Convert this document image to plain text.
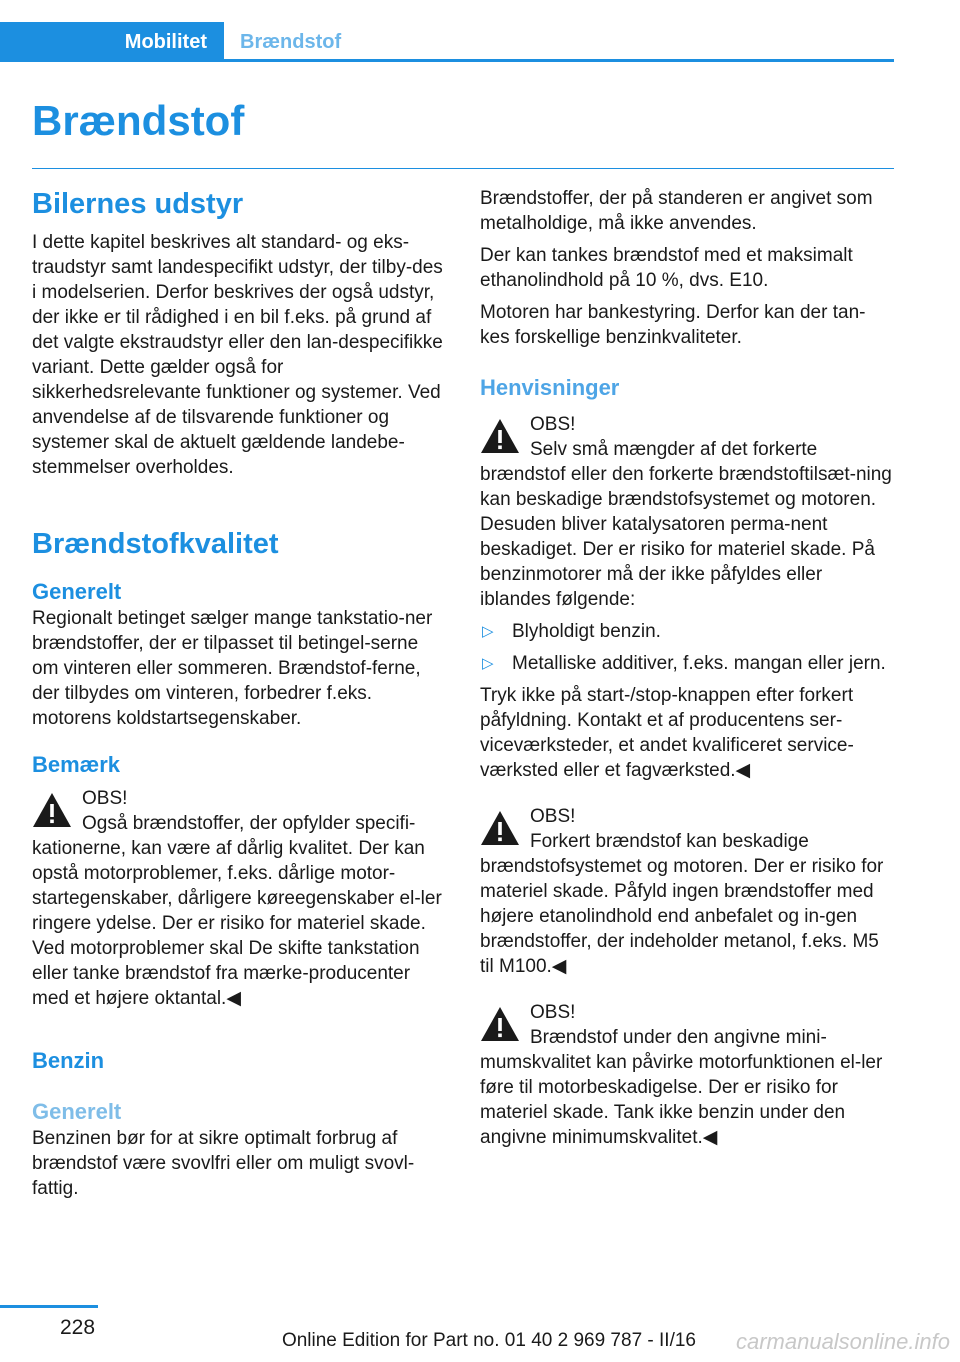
Mobilitet	Brændstof
Brændstof
Bilernes udstyr

I dette kapitel beskrives alt standard- og eks-traudstyr samt landespecifikt udstyr, der tilby-des i modelserien. Derfor beskrives der også udstyr, der ikke er til rådighed i en bil f.eks. på grund af det valgte ekstraudstyr eller den lan-despecifikke variant. Dette gælder også for sikkerhedsrelevante funktioner og systemer. Ved anvendelse af de tilsvarende funktioner og systemer skal de aktuelt gældende landebe-stemmelser overholdes.

Brændstofkvalitet
Generelt

Regionalt betinget sælger mange tankstatio-ner brændstoffer, der er tilpasset til betingel-serne om vinteren eller sommeren. Brændstof-ferne, der tilbydes om vinteren, forbedrer f.eks. motorens koldstartsegenskaber.

Bemærk

OBS!

Også brændstoffer, der opfylder specifi-kationerne, kan være af dårlig kvalitet. Der kan opstå motorproblemer, f.eks. dårlige motor-startegenskaber, dårligere køreegenskaber el-ler ringere ydelse. Der er risiko for materiel skade. Ved motorproblemer skal De skifte tankstation eller tanke brændstof fra mærke-producenter med et højere oktantal.◀

Benzin
Generelt

Benzinen bør for at sikre optimalt forbrug af brændstof være svovlfri eller om muligt svovl-fattig.

Brændstoffer, der på standeren er angivet som metalholdige, må ikke anvendes.

Der kan tankes brændstof med et maksimalt ethanolindhold på 10 %, dvs. E10.

Motoren har bankestyring. Derfor kan der tan-kes forskellige benzinkvaliteter.

Henvisninger

OBS!

Selv små mængder af det forkerte brændstof eller den forkerte brændstoftilsæt-ning kan beskadige brændstofsystemet og motoren. Desuden bliver katalysatoren perma-nent beskadiget. Der er risiko for materiel skade. På benzinmotorer må der ikke påfyldes eller iblandes følgende:

▷ Blyholdigt benzin.
▷ Metalliske additiver, f.eks. mangan eller jern.

Tryk ikke på start-/stop-knappen efter forkert påfyldning. Kontakt et af producentens ser-viceværksteder, et andet kvalificeret service-værksted eller et fagværksted.◀

OBS!

Forkert brændstof kan beskadige brændstofsystemet og motoren. Der er risiko for materiel skade. Påfyld ingen brændstoffer med højere etanolindhold end anbefalet og in-gen brændstoffer, der indeholder metanol, f.eks. M5 til M100.◀

OBS!

Brændstof under den angivne mini-mumskvalitet kan påvirke motorfunktionen el-ler føre til motorbeskadigelse. Der er risiko for materiel skade. Tank ikke benzin under den angivne minimumskvalitet.◀

228
Online Edition for Part no. 01 40 2 969 787 - II/16 carmanualsonline.info
